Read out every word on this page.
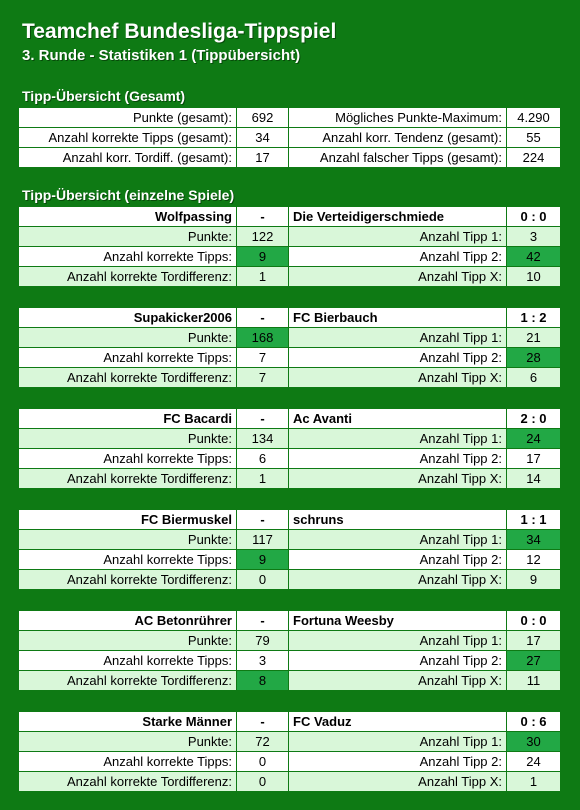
Teamchef Bundesliga-Tippspiel
3. Runde - Statistiken 1 (Tippübersicht)
Tipp-Übersicht (Gesamt)
Punkte (gesamt):	692	Mögliches Punkte-Maximum:	4.290
Anzahl korrekte Tipps (gesamt):	34	Anzahl korr. Tendenz (gesamt):	55
Anzahl korr. Tordiff. (gesamt):	17	Anzahl falscher Tipps (gesamt):	224
Tipp-Übersicht (einzelne Spiele)
Wolfpassing	-	Die Verteidigerschmiede	0 : 0
Punkte:	122	Anzahl Tipp 1:	3
Anzahl korrekte Tipps:	9	Anzahl Tipp 2:	42
Anzahl korrekte Tordifferenz:	1	Anzahl Tipp X:	10
Supakicker2006	-	FC Bierbauch	1 : 2
Punkte:	168	Anzahl Tipp 1:	21
Anzahl korrekte Tipps:	7	Anzahl Tipp 2:	28
Anzahl korrekte Tordifferenz:	7	Anzahl Tipp X:	6
FC Bacardi	-	Ac Avanti	2 : 0
Punkte:	134	Anzahl Tipp 1:	24
Anzahl korrekte Tipps:	6	Anzahl Tipp 2:	17
Anzahl korrekte Tordifferenz:	1	Anzahl Tipp X:	14
FC Biermuskel	-	schruns	1 : 1
Punkte:	117	Anzahl Tipp 1:	34
Anzahl korrekte Tipps:	9	Anzahl Tipp 2:	12
Anzahl korrekte Tordifferenz:	0	Anzahl Tipp X:	9
AC Betonrührer	-	Fortuna Weesby	0 : 0
Punkte:	79	Anzahl Tipp 1:	17
Anzahl korrekte Tipps:	3	Anzahl Tipp 2:	27
Anzahl korrekte Tordifferenz:	8	Anzahl Tipp X:	11
Starke Männer	-	FC Vaduz	0 : 6
Punkte:	72	Anzahl Tipp 1:	30
Anzahl korrekte Tipps:	0	Anzahl Tipp 2:	24
Anzahl korrekte Tordifferenz:	0	Anzahl Tipp X:	1
